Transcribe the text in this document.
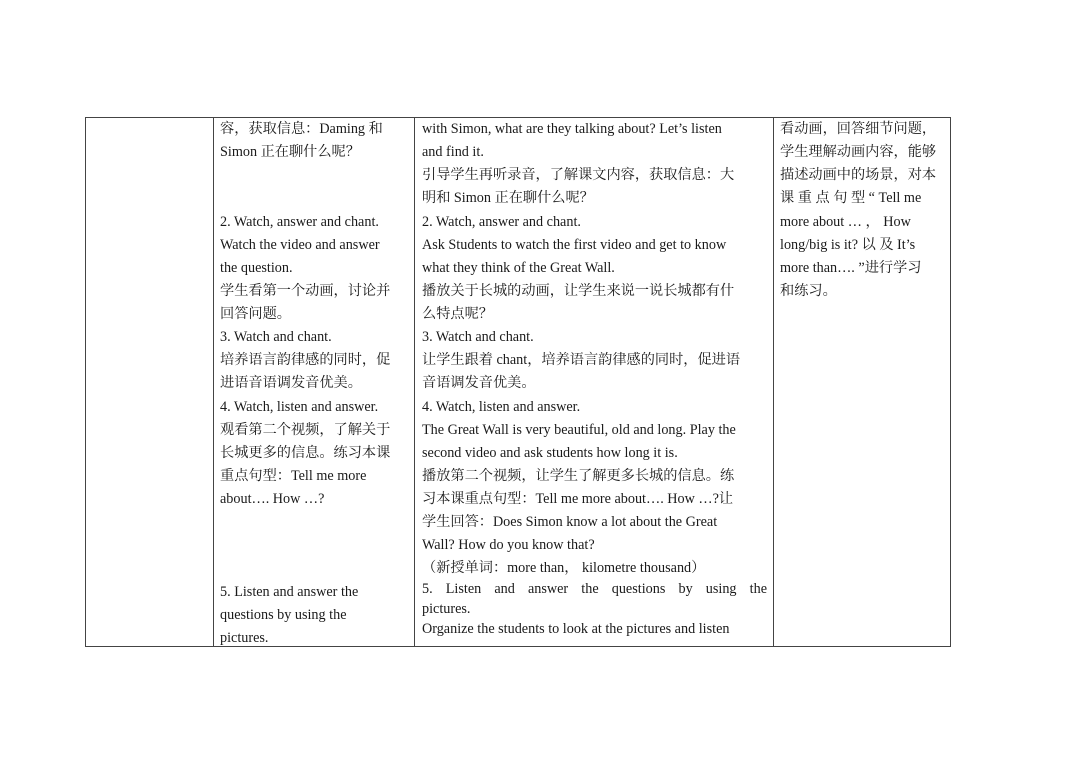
容，获取信息：Daming 和
Simon 正在聊什么呢？
2. Watch, answer and chant.
Watch the video and answer
the question.
学生看第一个动画，讨论并
回答问题。
3. Watch and chant.
培养语言韵律感的同时，促
进语音语调发音优美。
4. Watch, listen and answer.
观看第二个视频，了解关于
长城更多的信息。练习本课
重点句型：Tell me more
about…. How …?
5. Listen and answer the
questions by using the
pictures.
with Simon, what are they talking about? Let’s listen
and find it.
引导学生再听录音，了解课文内容，获取信息：大
明和 Simon 正在聊什么呢？
2. Watch, answer and chant.
Ask Students to watch the first video and get to know
what they think of the Great Wall.
播放关于长城的动画，让学生来说一说长城都有什
么特点呢？
3. Watch and chant.
让学生跟着 chant，培养语言韵律感的同时，促进语
音语调发音优美。
4. Watch, listen and answer.
The Great Wall is very beautiful, old and long. Play the
second video and ask students how long it is.
播放第二个视频，让学生了解更多长城的信息。练
习本课重点句型：Tell me more about…. How …?让
学生回答：Does Simon know a lot about the Great
Wall? How do you know that?
（新授单词：more than， kilometre thousand）
5. Listen and answer the questions by using the
pictures.
Organize the students to look at the pictures and listen
看动画，回答细节问题，
学生理解动画内容，能够
描述动画中的场景，对本
课 重 点 句 型 “ Tell me
more about … ， How
long/big is it? 以 及 It’s
more than…. ”进行学习
和练习。
